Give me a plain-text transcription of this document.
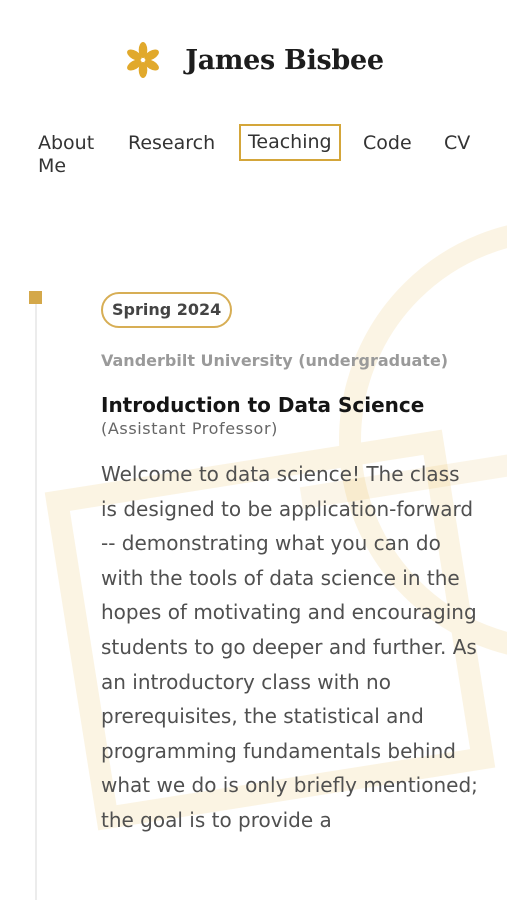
James Bisbee
About Me
Research	Teaching	Code CV
Spring 2024
Vanderbilt University (undergraduate)
Introduction to Data Science
(Assistant Professor)
Welcome to data science! The class is designed to be application-forward -- demonstrating what you can do with the tools of data science in the hopes of motivating and encouraging students to go deeper and further. As an introductory class with no prerequisites, the statistical and programming fundamentals behind what we do is only briefly mentioned; the goal is to provide a
